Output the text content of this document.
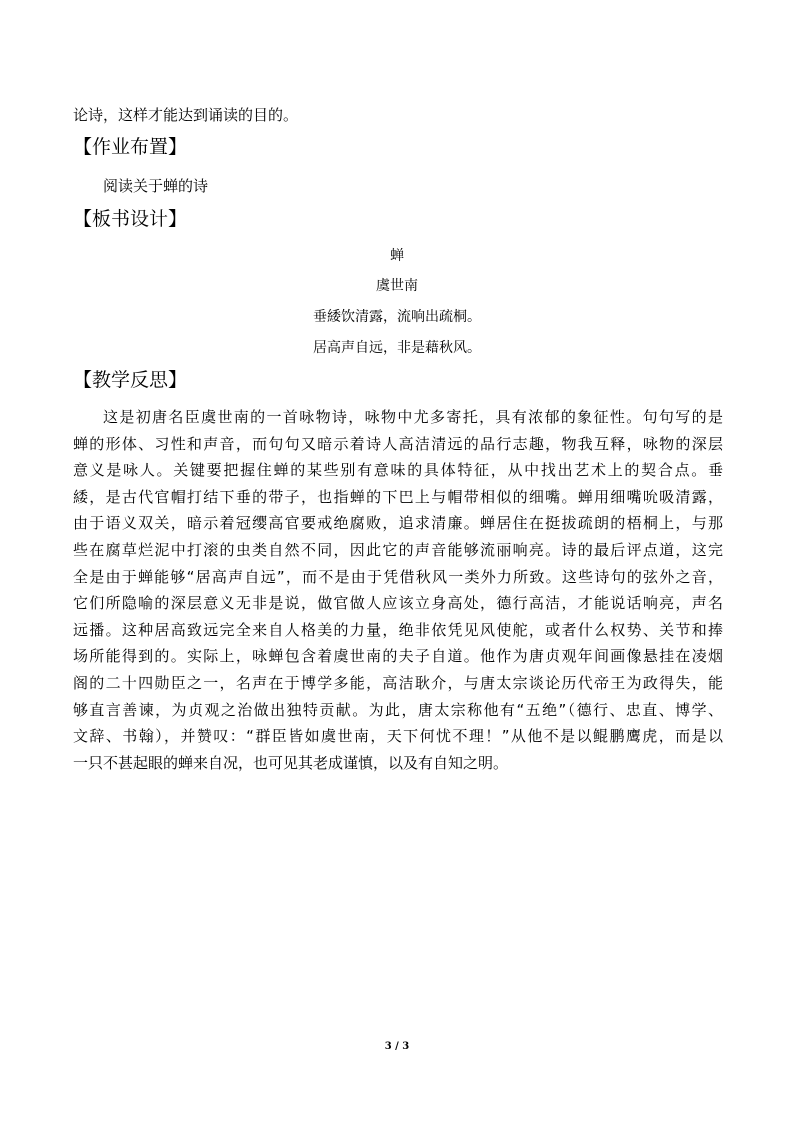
论诗，这样才能达到诵读的目的。
【作业布置】
阅读关于蝉的诗
【板书设计】
蝉
虞世南
垂緌饮清露，流响出疏桐。
居高声自远，非是藉秋风。
【教学反思】
这是初唐名臣虞世南的一首咏物诗，咏物中尤多寄托，具有浓郁的象征性。句句写的是
蝉的形体、习性和声音，而句句又暗示着诗人高洁清远的品行志趣，物我互释，咏物的深层
意义是咏人。关键要把握住蝉的某些别有意味的具体特征，从中找出艺术上的契合点。垂
緌，是古代官帽打结下垂的带子，也指蝉的下巴上与帽带相似的细嘴。蝉用细嘴吮吸清露，
由于语义双关，暗示着冠缨高官要戒绝腐败，追求清廉。蝉居住在挺拔疏朗的梧桐上，与那
些在腐草烂泥中打滚的虫类自然不同，因此它的声音能够流丽响亮。诗的最后评点道，这完
全是由于蝉能够“居高声自远”，而不是由于凭借秋风一类外力所致。这些诗句的弦外之音，
它们所隐喻的深层意义无非是说，做官做人应该立身高处，德行高洁，才能说话响亮，声名
远播。这种居高致远完全来自人格美的力量，绝非依凭见风使舵，或者什么权势、关节和捧
场所能得到的。实际上，咏蝉包含着虞世南的夫子自道。他作为唐贞观年间画像悬挂在凌烟
阁的二十四勋臣之一，名声在于博学多能，高洁耿介，与唐太宗谈论历代帝王为政得失，能
够直言善谏，为贞观之治做出独特贡献。为此，唐太宗称他有“五绝”（德行、忠直、博学、
文辞、书翰），并赞叹：“群臣皆如虞世南，天下何忧不理！”从他不是以鲲鹏鹰虎，而是以
一只不甚起眼的蝉来自况，也可见其老成谨慎，以及有自知之明。
3 / 3
